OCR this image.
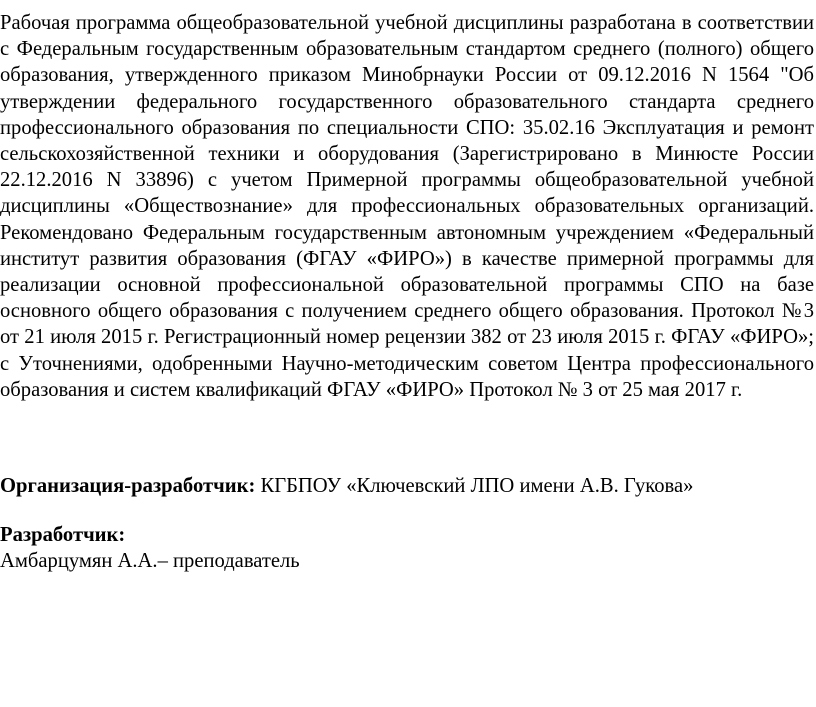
Рабочая программа общеобразовательной учебной дисциплины разработана в соответствии с Федеральным государственным образовательным стандартом среднего (полного) общего образования, утвержденного приказом Минобрнауки России от 09.12.2016 N 1564 "Об утверждении федерального государственного образовательного стандарта среднего профессионального образования по специальности СПО: 35.02.16 Эксплуатация и ремонт сельскохозяйственной техники и оборудования (Зарегистрировано в Минюсте России 22.12.2016 N 33896) с учетом Примерной программы общеобразовательной учебной дисциплины «Обществознание» для профессиональных образовательных организаций. Рекомендовано Федеральным государственным автономным учреждением «Федеральный институт развития образования (ФГАУ «ФИРО») в качестве примерной программы для реализации основной профессиональной образовательной программы СПО на базе основного общего образования с получением среднего общего образования. Протокол №3 от 21 июля 2015 г. Регистрационный номер рецензии 382 от 23 июля 2015 г. ФГАУ «ФИРО»; с Уточнениями, одобренными Научно-методическим советом Центра профессионального образования и систем квалификаций ФГАУ «ФИРО» Протокол № 3 от 25 мая 2017 г.

Организация-разработчик: КГБПОУ «Ключевский ЛПО имени А.В. Гукова»

Разработчик:

Амбарцумян А.А.– преподаватель
